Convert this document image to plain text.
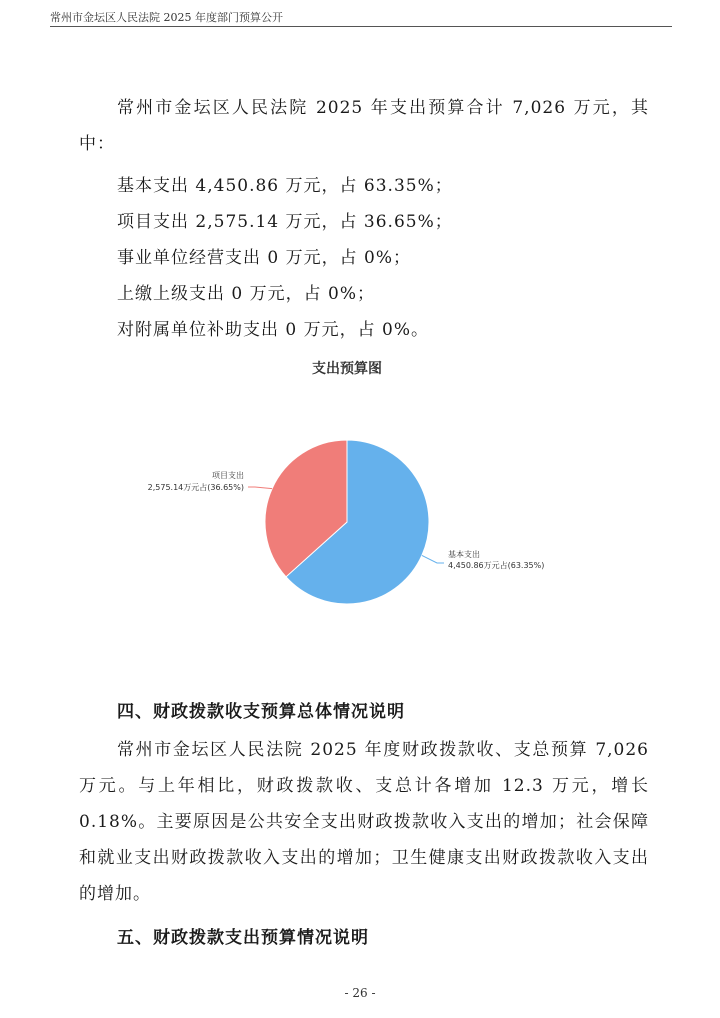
常州市金坛区人民法院 2025 年度部门预算公开

常州市金坛区人民法院 2025 年支出预算合计 7,026 万元，其中：

基本支出 4,450.86 万元，占 63.35%；
项目支出 2,575.14 万元，占 36.65%；
事业单位经营支出 0 万元，占 0%；
上缴上级支出 0 万元，占 0%；
对附属单位补助支出 0 万元，占 0%。
支出预算图
基本支出
4,450.86万元占(63.35%)
项目支出
2,575.14万元占(36.65%)
四、财政拨款收支预算总体情况说明

常州市金坛区人民法院 2025 年度财政拨款收、支总预算 7,026 万元。与上年相比，财政拨款收、支总计各增加 12.3 万元，增长 0.18%。主要原因是公共安全支出财政拨款收入支出的增加；社会保障和就业支出财政拨款收入支出的增加；卫生健康支出财政拨款收入支出的增加。

五、财政拨款支出预算情况说明
- 26 -
